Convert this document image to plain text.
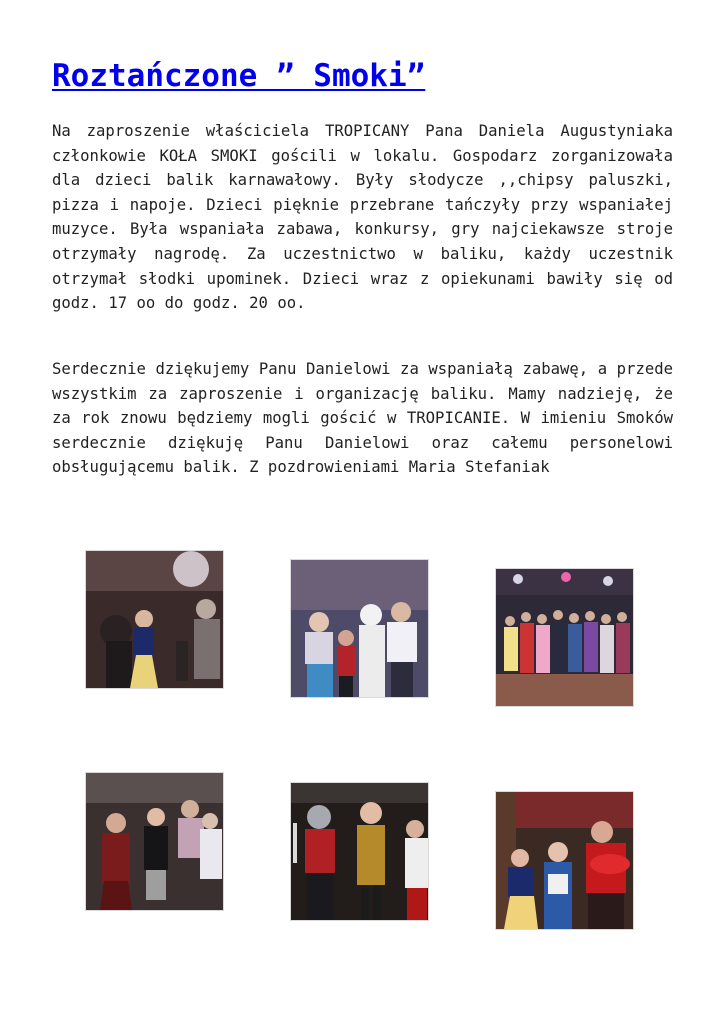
Roztańczone ” Smoki”

Na zaproszenie właściciela TROPICANY Pana Daniela Augustyniaka członkowie KOŁA SMOKI gościli w lokalu. Gospodarz zorganizowała dla dzieci balik karnawałowy. Były słodycze ,,chipsy paluszki, pizza i napoje. Dzieci pięknie przebrane tańczyły przy wspaniałej muzyce. Była wspaniała zabawa, konkursy, gry najciekawsze stroje otrzymały nagrodę. Za uczestnictwo w baliku, każdy uczestnik otrzymał słodki upominek. Dzieci wraz z opiekunami bawiły się od godz. 17 oo do godz. 20 oo.

Serdecznie dziękujemy Panu Danielowi za wspaniałą zabawę, a przede wszystkim za zaproszenie i organizację baliku. Mamy nadzieję, że za rok znowu będziemy mogli gościć w TROPICANIE. W imieniu Smoków serdecznie dziękuję Panu Danielowi oraz całemu personelowi obsługującemu balik. Z pozdrowieniami Maria Stefaniak
